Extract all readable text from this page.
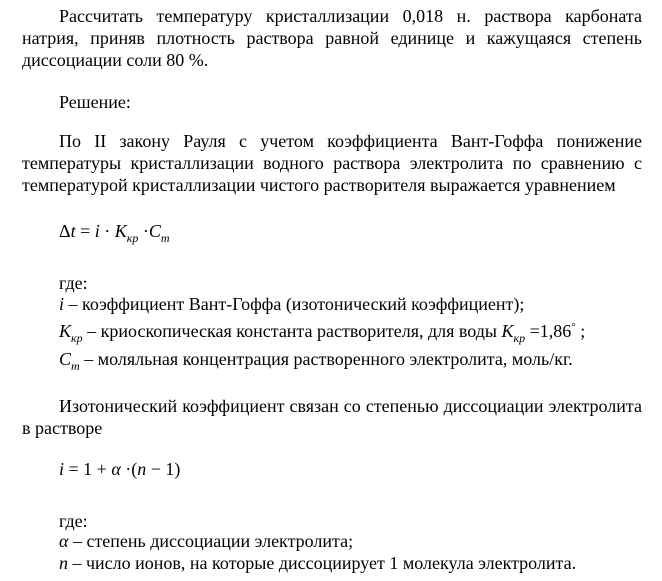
Рассчитать температуру кристаллизации 0,018 н. раствора карбоната натрия, приняв плотность раствора равной единице и кажущаяся степень диссоциации соли 80 %.

Решение:

По II закону Рауля с учетом коэффициента Вант-Гоффа понижение температуры кристаллизации водного раствора электролита по сравнению с температурой кристаллизации чистого растворителя выражается уравнением

$\Delta t = i \cdot K_{кр} \cdot C_m$
где:
i – коэффициент Вант-Гоффа (изотонический коэффициент);
$K_{кр}$ – криоскопическая константа растворителя, для воды $K_{кр} =1,86^\circ$ ;
$C_m$ – моляльная концентрация растворенного электролита, моль/кг.

Изотонический коэффициент связан со степенью диссоциации электролита в растворе

i = 1 + α ·(n − 1)
где:
α – степень диссоциации электролита;
n – число ионов, на которые диссоциирует 1 молекула электролита.
